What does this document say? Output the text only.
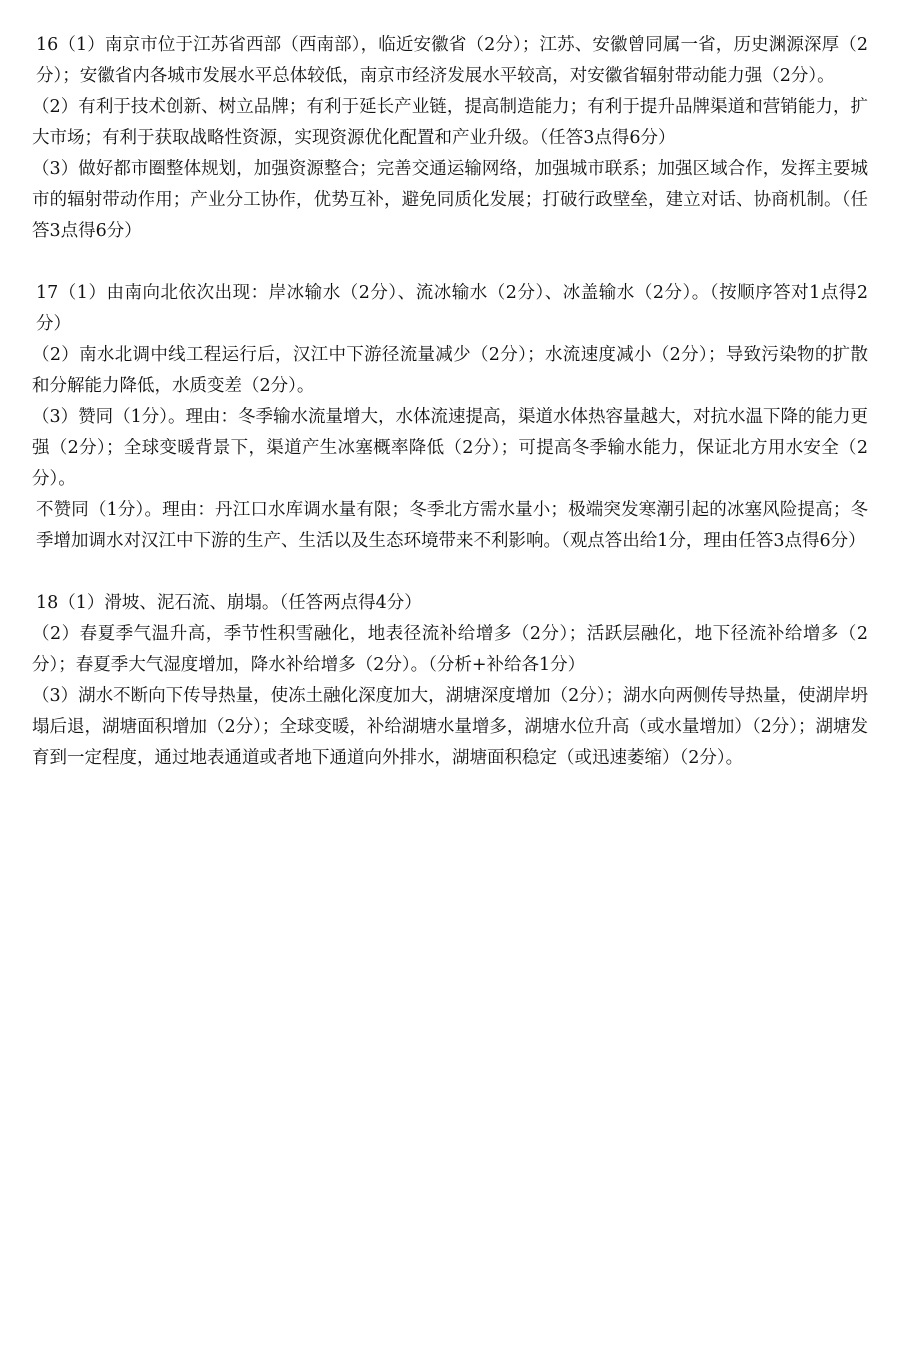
16（1）南京市位于江苏省西部（西南部），临近安徽省（2分）；江苏、安徽曾同属一省，历史渊源深厚（2分）；安徽省内各城市发展水平总体较低，南京市经济发展水平较高，对安徽省辐射带动能力强（2分）。
（2）有利于技术创新、树立品牌；有利于延长产业链，提高制造能力；有利于提升品牌渠道和营销能力，扩大市场；有利于获取战略性资源，实现资源优化配置和产业升级。（任答3点得6分）
（3）做好都市圈整体规划，加强资源整合；完善交通运输网络，加强城市联系；加强区域合作，发挥主要城市的辐射带动作用；产业分工协作，优势互补，避免同质化发展；打破行政壁垒，建立对话、协商机制。（任答3点得6分）
17（1）由南向北依次出现：岸冰输水（2分）、流冰输水（2分）、冰盖输水（2分）。（按顺序答对1点得2分）
（2）南水北调中线工程运行后，汉江中下游径流量减少（2分）；水流速度减小（2分）；导致污染物的扩散和分解能力降低，水质变差（2分）。
（3）赞同（1分）。理由：冬季输水流量增大，水体流速提高，渠道水体热容量越大，对抗水温下降的能力更强（2分）；全球变暖背景下，渠道产生冰塞概率降低（2分）；可提高冬季输水能力，保证北方用水安全（2分）。
不赞同（1分）。理由：丹江口水库调水量有限；冬季北方需水量小；极端突发寒潮引起的冰塞风险提高；冬季增加调水对汉江中下游的生产、生活以及生态环境带来不利影响。（观点答出给1分，理由任答3点得6分）
18（1）滑坡、泥石流、崩塌。（任答两点得4分）
（2）春夏季气温升高，季节性积雪融化，地表径流补给增多（2分）；活跃层融化，地下径流补给增多（2分）；春夏季大气湿度增加，降水补给增多（2分）。（分析+补给各1分）
（3）湖水不断向下传导热量，使冻土融化深度加大，湖塘深度增加（2分）；湖水向两侧传导热量，使湖岸坍塌后退，湖塘面积增加（2分）；全球变暖，补给湖塘水量增多，湖塘水位升高（或水量增加）（2分）；湖塘发育到一定程度，通过地表通道或者地下通道向外排水，湖塘面积稳定（或迅速萎缩）（2分）。
